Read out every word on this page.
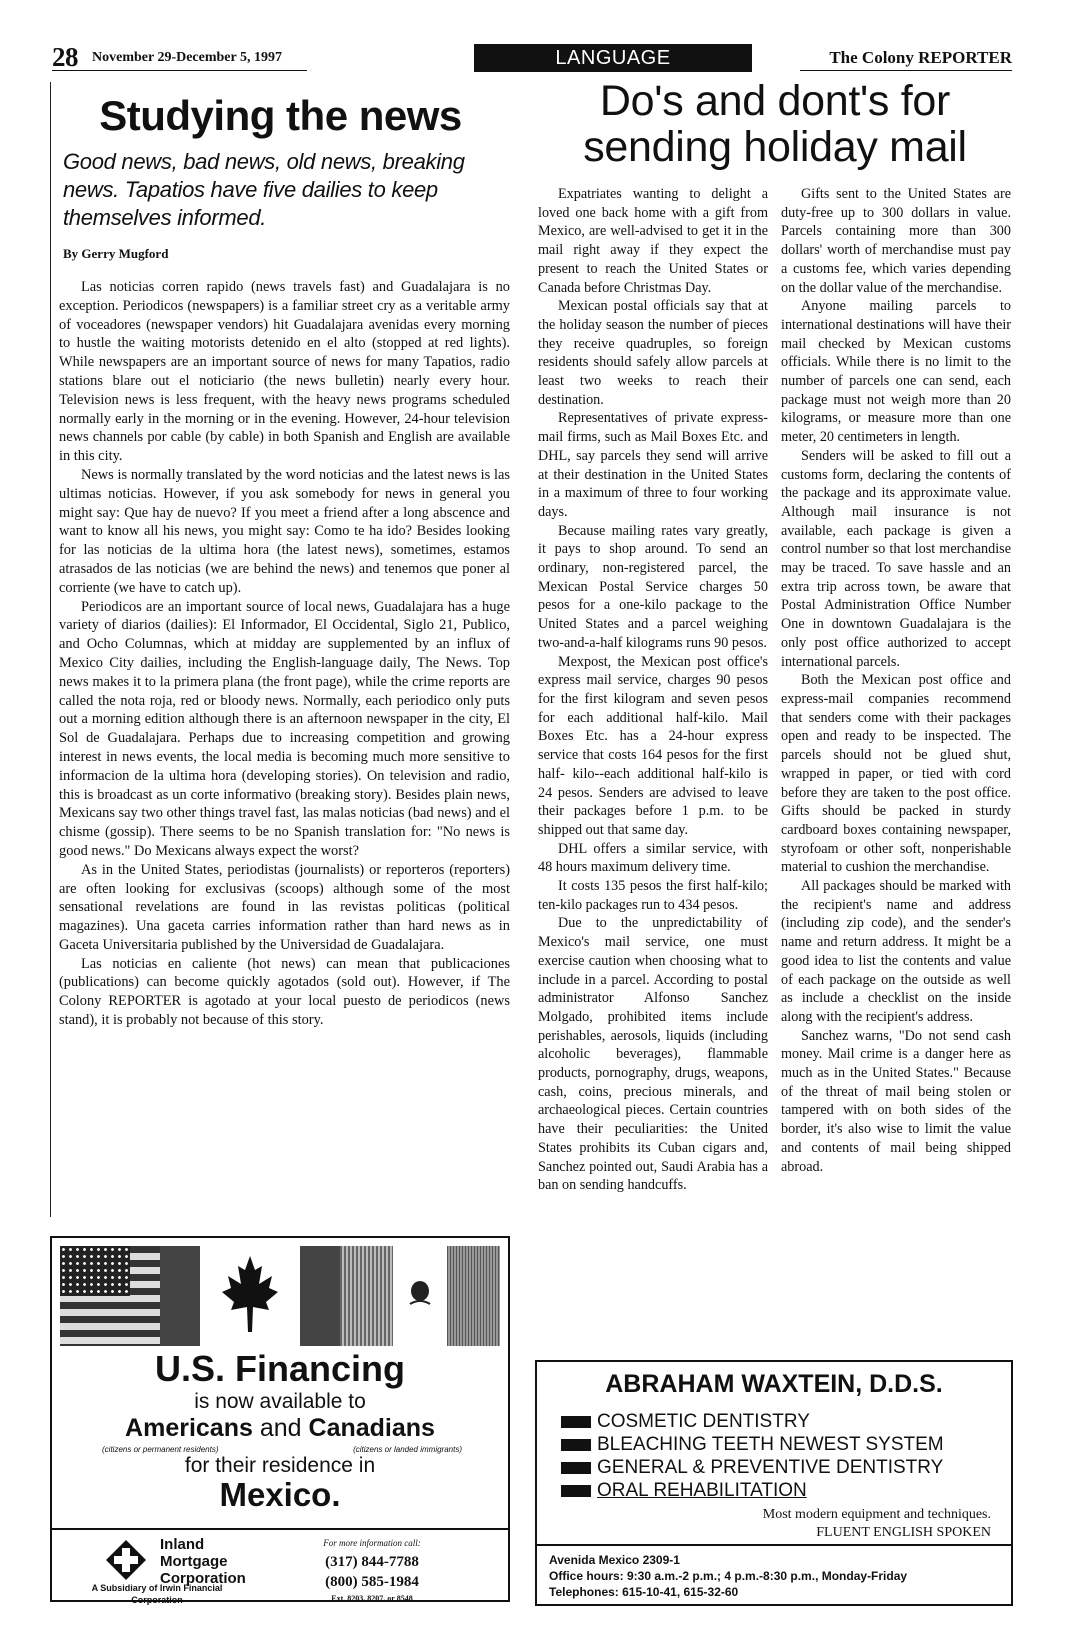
28 November 29-December 5, 1997	LANGUAGE	The Colony REPORTER
Studying the news
Good news, bad news, old news, breaking news. Tapatios have five dailies to keep themselves informed.
By Gerry Mugford

Las noticias corren rapido (news travels fast) and Guadalajara is no exception. Periodicos (newspapers) is a familiar street cry as a veritable army of voceadores (newspaper vendors) hit Guadalajara avenidas every morning to hustle the waiting motorists detenido en el alto (stopped at red lights). While newspapers are an important source of news for many Tapatios, radio stations blare out el noticiario (the news bulletin) nearly every hour. Television news is less frequent, with the heavy news programs scheduled normally early in the morning or in the evening. However, 24-hour television news channels por cable (by cable) in both Spanish and English are available in this city.

News is normally translated by the word noticias and the latest news is las ultimas noticias. However, if you ask somebody for news in general you might say: Que hay de nuevo? If you meet a friend after a long abscence and want to know all his news, you might say: Como te ha ido? Besides looking for las noticias de la ultima hora (the latest news), sometimes, estamos atrasados de las noticias (we are behind the news) and tenemos que poner al corriente (we have to catch up).

Periodicos are an important source of local news, Guadalajara has a huge variety of diarios (dailies): El Informador, El Occidental, Siglo 21, Publico, and Ocho Columnas, which at midday are supplemented by an influx of Mexico City dailies, including the English-language daily, The News. Top news makes it to la primera plana (the front page), while the crime reports are called the nota roja, red or bloody news. Normally, each periodico only puts out a morning edition although there is an afternoon newspaper in the city, El Sol de Guadalajara. Perhaps due to increasing competition and growing interest in news events, the local media is becoming much more sensitive to informacion de la ultima hora (developing stories). On television and radio, this is broadcast as un corte informativo (breaking story). Besides plain news, Mexicans say two other things travel fast, las malas noticias (bad news) and el chisme (gossip). There seems to be no Spanish translation for: "No news is good news." Do Mexicans always expect the worst?

As in the United States, periodistas (journalists) or reporteros (reporters) are often looking for exclusivas (scoops) although some of the most sensational revelations are found in las revistas politicas (political magazines). Una gaceta carries information rather than hard news as in Gaceta Universitaria published by the Universidad de Guadalajara.

Las noticias en caliente (hot news) can mean that publicaciones (publications) can become quickly agotados (sold out). However, if The Colony REPORTER is agotado at your local puesto de periodicos (news stand), it is probably not because of this story.

Do's and dont's for sending holiday mail

Expatriates wanting to delight a loved one back home with a gift from Mexico, are well-advised to get it in the mail right away if they expect the present to reach the United States or Canada before Christmas Day.

Mexican postal officials say that at the holiday season the number of pieces they receive quadruples, so foreign residents should safely allow parcels at least two weeks to reach their destination.

Representatives of private express-mail firms, such as Mail Boxes Etc. and DHL, say parcels they send will arrive at their destination in the United States in a maximum of three to four working days.

Because mailing rates vary greatly, it pays to shop around. To send an ordinary, non-registered parcel, the Mexican Postal Service charges 50 pesos for a one-kilo package to the United States and a parcel weighing two-and-a-half kilograms runs 90 pesos.

Mexpost, the Mexican post office's express mail service, charges 90 pesos for the first kilogram and seven pesos for each additional half-kilo. Mail Boxes Etc. has a 24-hour express service that costs 164 pesos for the first half- kilo--each additional half-kilo is 24 pesos. Senders are advised to leave their packages before 1 p.m. to be shipped out that same day.

DHL offers a similar service, with 48 hours maximum delivery time.

It costs 135 pesos the first half-kilo; ten-kilo packages run to 434 pesos.

Due to the unpredictability of Mexico's mail service, one must exercise caution when choosing what to include in a parcel. According to postal administrator Alfonso Sanchez Molgado, prohibited items include perishables, aerosols, liquids (including alcoholic beverages), flammable products, pornography, drugs, weapons, cash, coins, precious minerals, and archaeological pieces. Certain countries have their peculiarities: the United States prohibits its Cuban cigars and, Sanchez pointed out, Saudi Arabia has a ban on sending handcuffs.

Gifts sent to the United States are duty-free up to 300 dollars in value. Parcels containing more than 300 dollars' worth of merchandise must pay a customs fee, which varies depending on the dollar value of the merchandise.

Anyone mailing parcels to international destinations will have their mail checked by Mexican customs officials. While there is no limit to the number of parcels one can send, each package must not weigh more than 20 kilograms, or measure more than one meter, 20 centimeters in length.

Senders will be asked to fill out a customs form, declaring the contents of the package and its approximate value. Although mail insurance is not available, each package is given a control number so that lost merchandise may be traced. To save hassle and an extra trip across town, be aware that Postal Administration Office Number One in downtown Guadalajara is the only post office authorized to accept international parcels.

Both the Mexican post office and express-mail companies recommend that senders come with their packages open and ready to be inspected. The parcels should not be glued shut, wrapped in paper, or tied with cord before they are taken to the post office. Gifts should be packed in sturdy cardboard boxes containing newspaper, styrofoam or other soft, nonperishable material to cushion the merchandise.

All packages should be marked with the recipient's name and address (including zip code), and the sender's name and return address. It might be a good idea to list the contents and value of each package on the outside as well as include a checklist on the inside along with the recipient's address.

Sanchez warns, "Do not send cash money. Mail crime is a danger here as much as in the United States." Because of the threat of mail being stolen or tampered with on both sides of the border, it's also wise to limit the value and contents of mail being shipped abroad.

U.S. Financing
is now available to
Americans and Canadians
(citizens or permanent residents)	(citizens or landed immigrants)
for their residence in
Mexico.
Inland
Mortgage
Corporation
A Subsidiary of Irwin Financial Corporation
For more information call:
(317) 844-7788
(800) 585-1984
Ext. 8203, 8207, or 8548
ABRAHAM WAXTEIN, D.D.S.
COSMETIC DENTISTRY
BLEACHING TEETH NEWEST SYSTEM
GENERAL & PREVENTIVE DENTISTRY
ORAL REHABILITATION
Most modern equipment and techniques.
FLUENT ENGLISH SPOKEN
Avenida Mexico 2309-1
Office hours: 9:30 a.m.-2 p.m.; 4 p.m.-8:30 p.m., Monday-Friday
Telephones: 615-10-41, 615-32-60
